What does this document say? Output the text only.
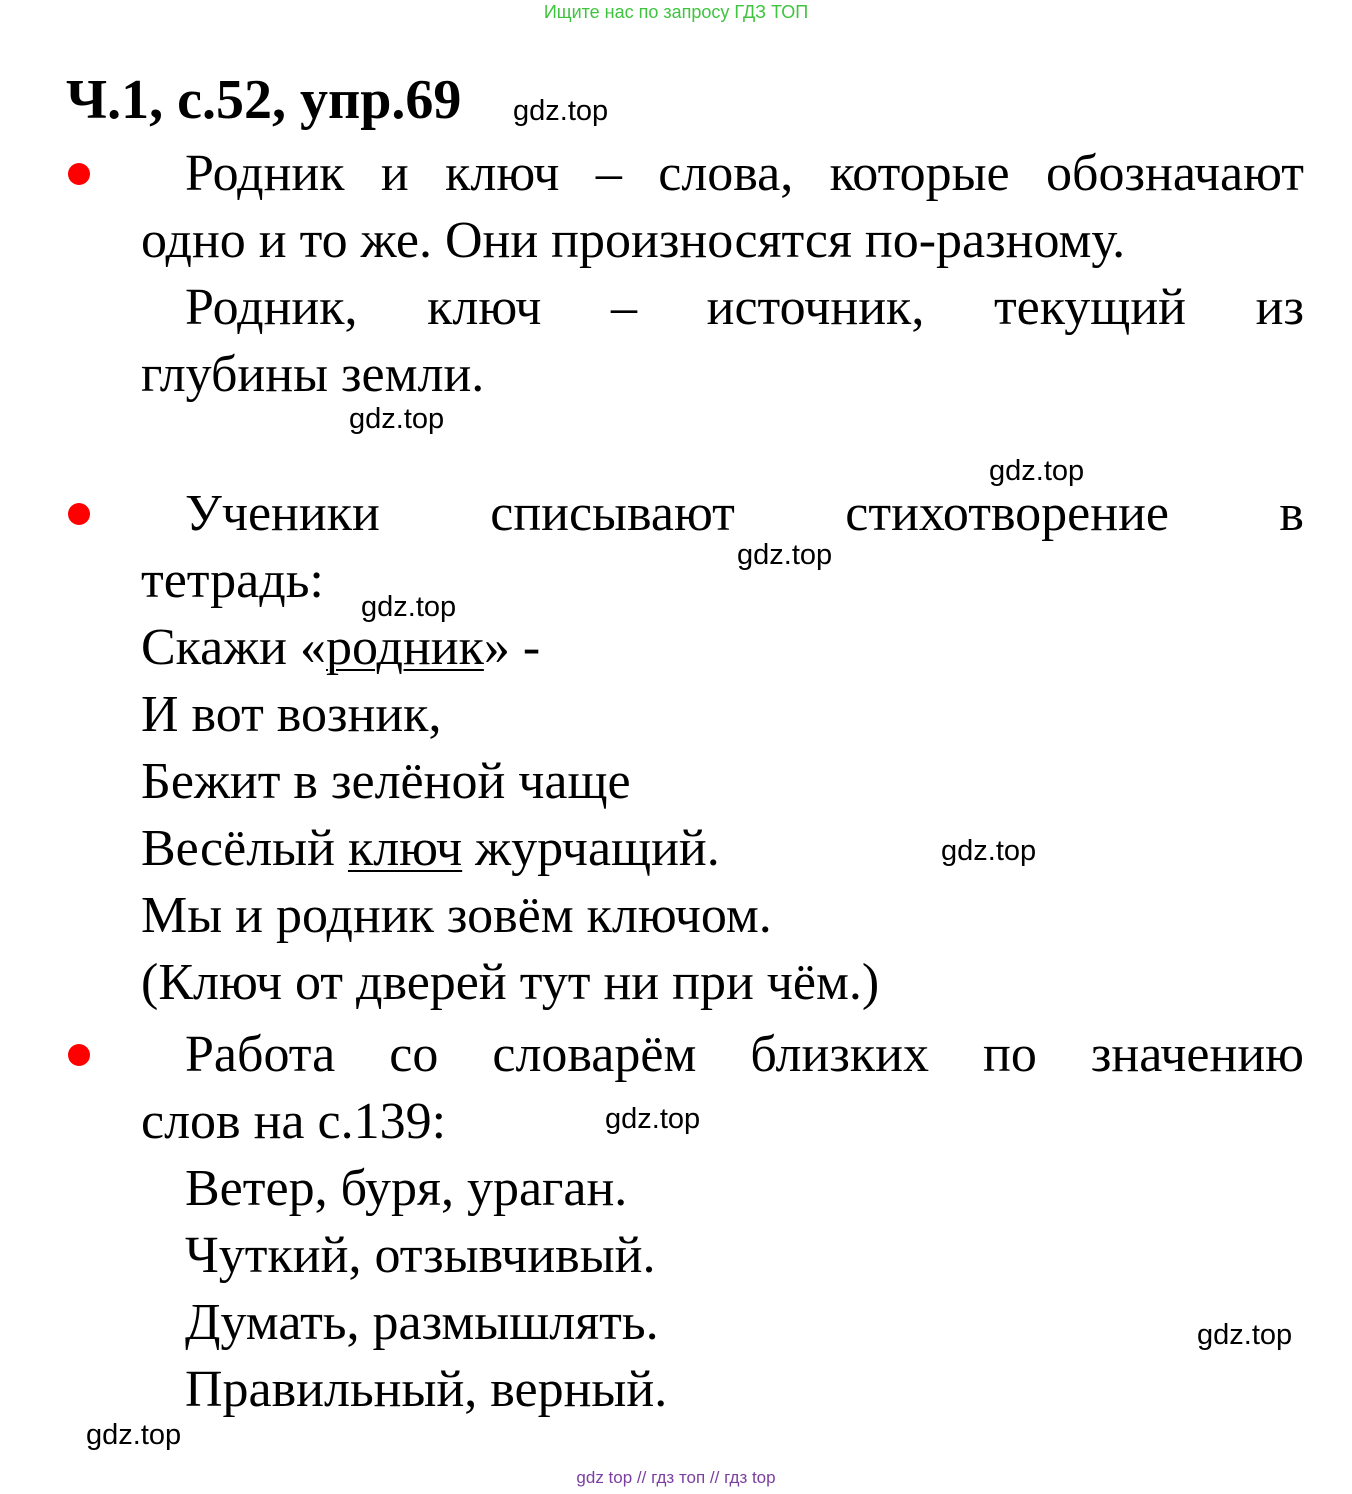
Ищите нас по запросу ГДЗ ТОП
Ч.1, с.52, упр.69 gdz.top
gdz.top
gdz.top
gdz.top
gdz.top
gdz.top
gdz.top
gdz.top
gdz.top
Родник и ключ – слова, которые обозначают
одно и то же. Они произносятся по-разному.
Родник, ключ – источник, текущий из
глубины земли.
Ученики списывают стихотворение в
тетрадь:
Скажи «родник» -
И вот возник,
Бежит в зелёной чаще
Весёлый ключ журчащий.
Мы и родник зовём ключом.
(Ключ от дверей тут ни при чём.)
Работа со словарём близких по значению
слов на с.139:
Ветер, буря, ураган.
Чуткий, отзывчивый.
Думать, размышлять.
Правильный, верный.
gdz top // гдз топ // гдз top
